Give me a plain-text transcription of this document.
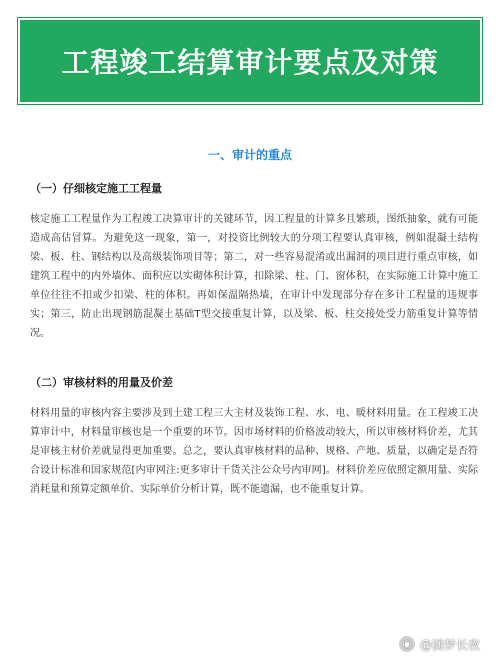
工程竣工结算审计要点及对策
一、审计的重点
（一）仔细核定施工工程量

核定施工工程量作为工程竣工决算审计的关键环节，因工程量的计算多且繁琐，图纸抽象，就有可能造成高估冒算。为避免这一现象，第一，对投资比例较大的分项工程要认真审核，例如混凝土结构梁、板、柱、钢结构以及高级装饰项目等；第二，对一些容易混淆或出漏洞的项目进行重点审核，如建筑工程中的内外墙体、面积应以实砌体积计算，扣除梁、柱、门、窗体积，在实际施工计算中施工单位往往不扣或少扣梁、柱的体积。再如保温隔热墙，在审计中发现部分存在多计工程量的违规事实；第三，防止出现钢筋混凝土基础T型交接重复计算，以及梁、板、柱交接处受力筋重复计算等情况。

（二）审核材料的用量及价差

材料用量的审核内容主要涉及到土建工程三大主材及装饰工程、水、电、暖材料用量。在工程竣工决算审计中，材料量审核也是一个重要的环节。因市场材料的价格波动较大，所以审核材料价差，尤其是审核主材价差就显得更加重要。总之，要认真审核材料的品种、规格、产地、质量，以确定是否符合设计标准和国家规范[内审网注:更多审计干货关注公众号内审网]。材料价差应依照定额用量、实际消耗量和预算定额单价、实际单价分析计算，既不能遗漏，也不能重复计算。

◉ @涵梦长夜
